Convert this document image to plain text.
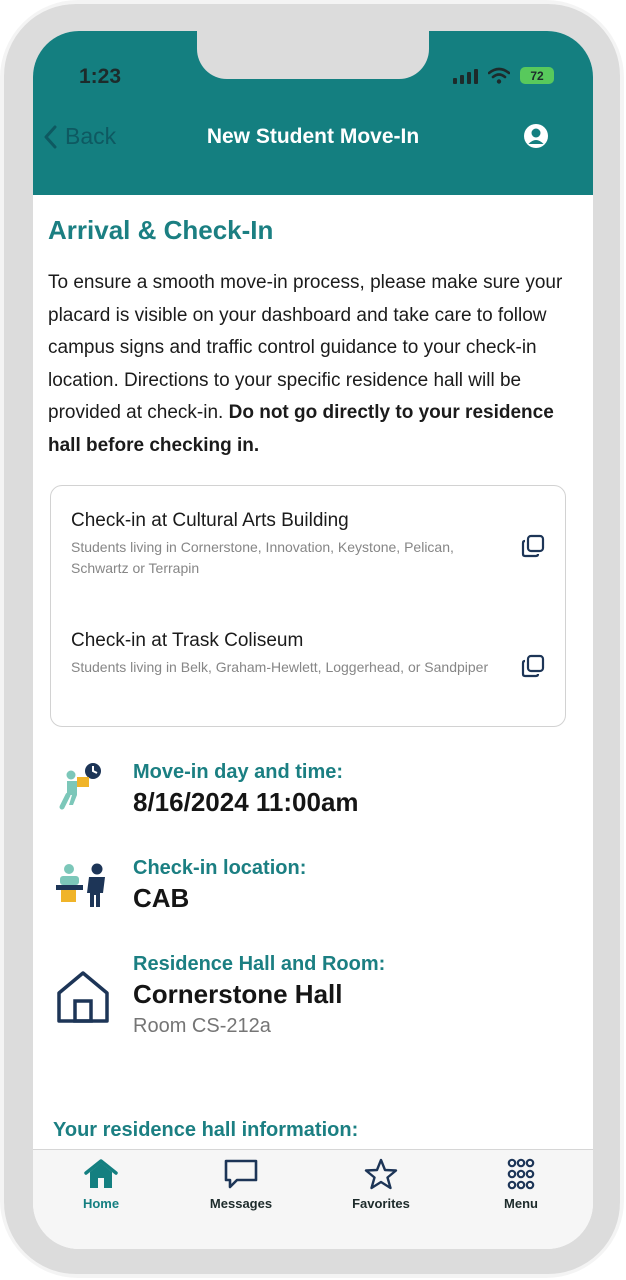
1:23	72
Back	New Student Move-In
Arrival & Check-In

To ensure a smooth move-in process, please make sure your placard is visible on your dashboard and take care to follow campus signs and traffic control guidance to your check-in location. Directions to your specific residence hall will be provided at check-in. Do not go directly to your residence hall before checking in.

Check-in at Cultural Arts Building
Students living in Cornerstone, Innovation, Keystone, Pelican, Schwartz or Terrapin
Check-in at Trask Coliseum
Students living in Belk, Graham-Hewlett, Loggerhead, or Sandpiper
Move-in day and time:
8/16/2024 11:00am
Check-in location:
CAB
Residence Hall and Room:
Cornerstone Hall
Room CS-212a
Your residence hall information:
Home	Messages	Favorites	Menu
